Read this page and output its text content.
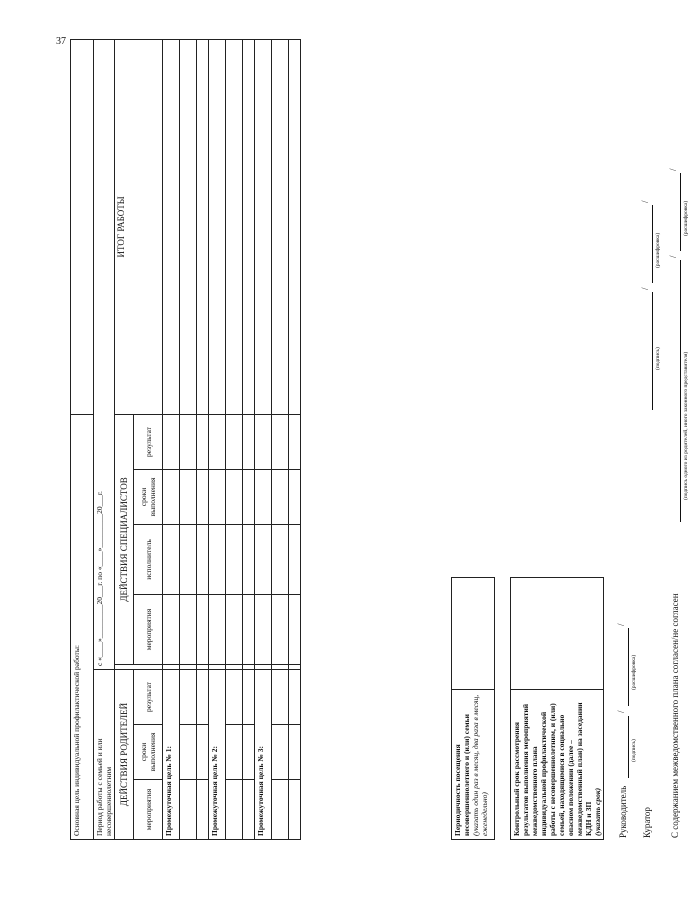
37
Основная цель индивидуальной профилактической работы:								
Период работы с семьей и или несовершеннолетним			с «____»_________20___г. по «____»_________20___г.					
ДЕЙСТВИЯ РОДИТЕЛЕЙ				ДЕЙСТВИЯ СПЕЦИАЛИСТОВ				ИТОГ РАБОТЫ
мероприятия	сроки выполнения	результат		мероприятия	исполнитель	сроки выполнения	результат	
Промежуточная цель № 1:								

Промежуточная цель № 2:								

Промежуточная цель № 3:								

									Периодичность посещения несовершеннолетнего и (или) семьи
(указать один раз в месяц, два раза в месяц, еженедельно)		Контрольный срок рассмотрения результатов выполнения мероприятий межведомственного плана индивидуальной профилактической работы с несовершеннолетним, и (или) семьей, находящимися в социально опасном положении (далее – межведомственный план) на заседании КДН и ЗП
(указать срок)	Руководитель
(подпись)
/
(расшифровка)
/
Куратор
(подпись)
/
(расшифровка)
/
С содержанием межведомственного плана согласен/не согласен
(подпись одного из родителей, иного законного представителя)
/
(расшифровка)
/
